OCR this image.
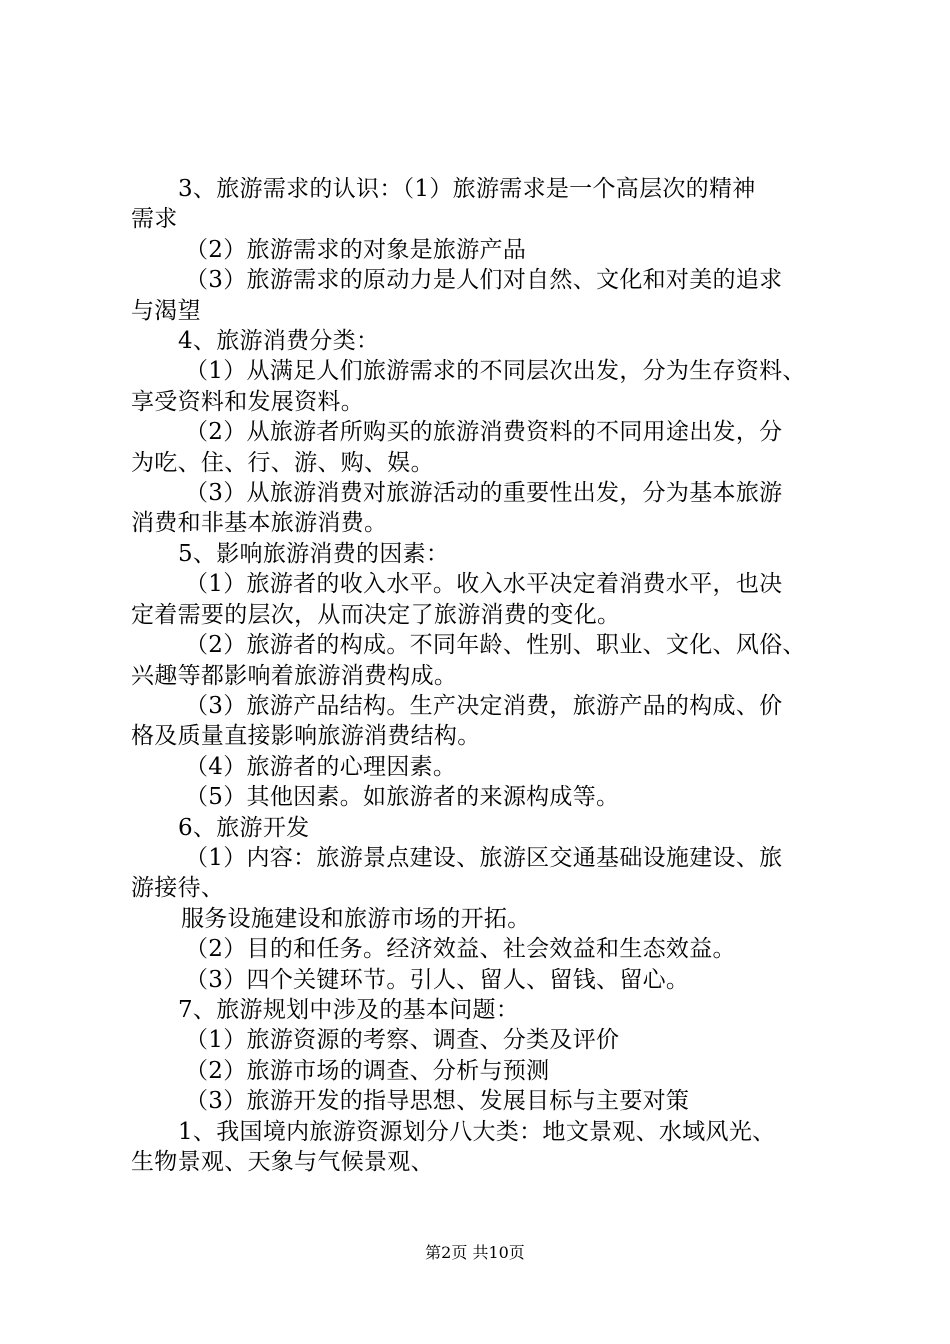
3、旅游需求的认识：（1）旅游需求是一个高层次的精神
需求
（2）旅游需求的对象是旅游产品
（3）旅游需求的原动力是人们对自然、文化和对美的追求
与渴望
4、旅游消费分类：
（1）从满足人们旅游需求的不同层次出发，分为生存资料、
享受资料和发展资料。
（2）从旅游者所购买的旅游消费资料的不同用途出发，分
为吃、住、行、游、购、娱。
（3）从旅游消费对旅游活动的重要性出发，分为基本旅游
消费和非基本旅游消费。
5、影响旅游消费的因素：
（1）旅游者的收入水平。收入水平决定着消费水平，也决
定着需要的层次，从而决定了旅游消费的变化。
（2）旅游者的构成。不同年龄、性别、职业、文化、风俗、
兴趣等都影响着旅游消费构成。
（3）旅游产品结构。生产决定消费，旅游产品的构成、价
格及质量直接影响旅游消费结构。
（4）旅游者的心理因素。
（5）其他因素。如旅游者的来源构成等。
6、旅游开发
（1）内容：旅游景点建设、旅游区交通基础设施建设、旅
游接待、
服务设施建设和旅游市场的开拓。
（2）目的和任务。经济效益、社会效益和生态效益。
（3）四个关键环节。引人、留人、留钱、留心。
7、旅游规划中涉及的基本问题：
（1）旅游资源的考察、调查、分类及评价
（2）旅游市场的调查、分析与预测
（3）旅游开发的指导思想、发展目标与主要对策
1、我国境内旅游资源划分八大类：地文景观、水域风光、
生物景观、天象与气候景观、
第2页 共10页
